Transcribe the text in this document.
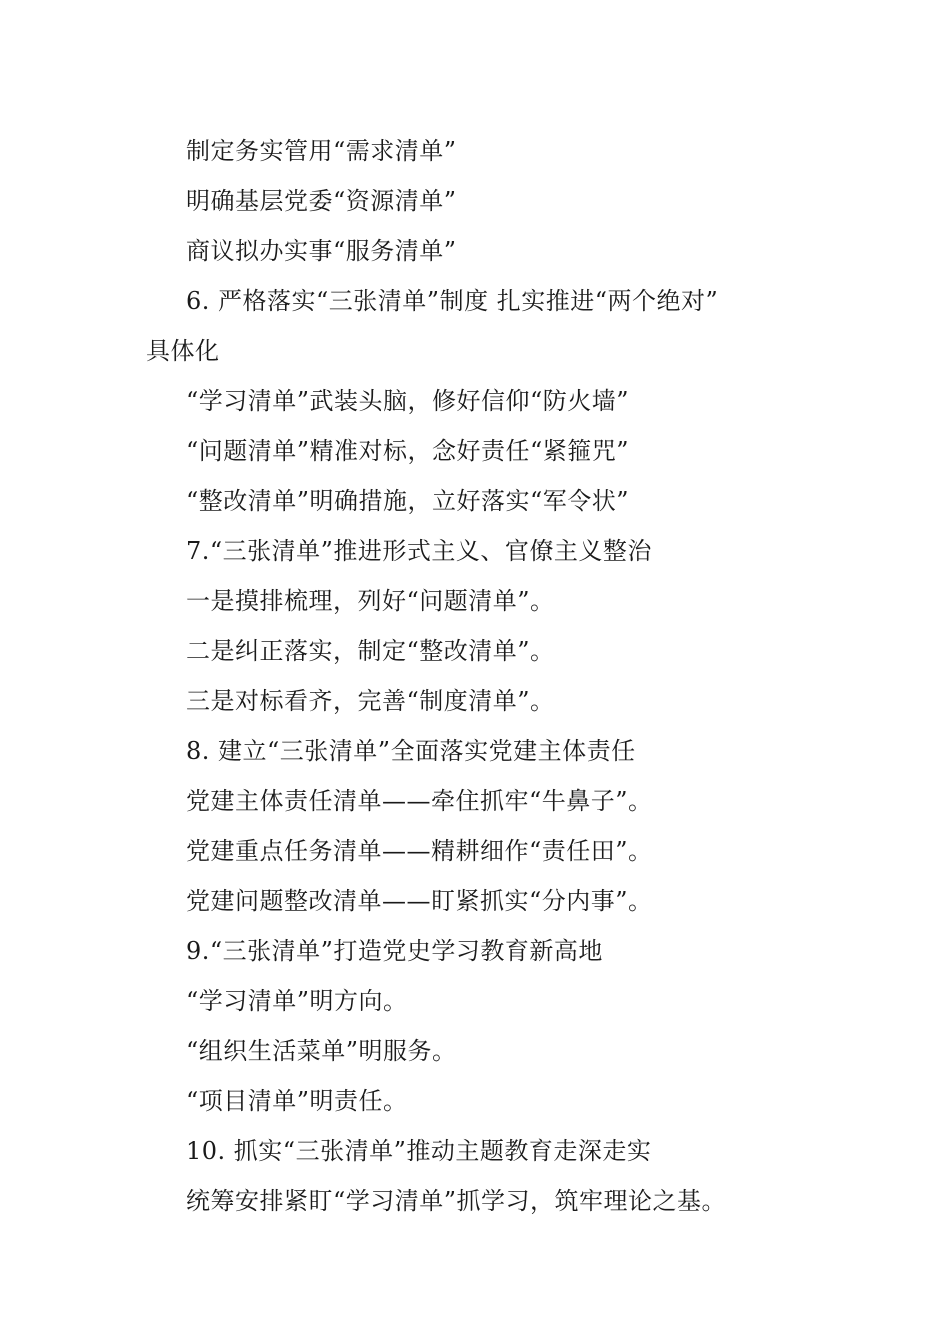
制定务实管用“需求清单”
明确基层党委“资源清单”
商议拟办实事“服务清单”
6. 严格落实“三张清单”制度 扎实推进“两个绝对”
具体化
“学习清单”武装头脑，修好信仰“防火墙”
“问题清单”精准对标，念好责任“紧箍咒”
“整改清单”明确措施，立好落实“军令状”
7.“三张清单”推进形式主义、官僚主义整治
一是摸排梳理，列好“问题清单”。
二是纠正落实，制定“整改清单”。
三是对标看齐，完善“制度清单”。
8. 建立“三张清单”全面落实党建主体责任
党建主体责任清单——牵住抓牢“牛鼻子”。
党建重点任务清单——精耕细作“责任田”。
党建问题整改清单——盯紧抓实“分内事”。
9.“三张清单”打造党史学习教育新高地
“学习清单”明方向。
“组织生活菜单”明服务。
“项目清单”明责任。
10. 抓实“三张清单”推动主题教育走深走实
统筹安排紧盯“学习清单”抓学习，筑牢理论之基。
